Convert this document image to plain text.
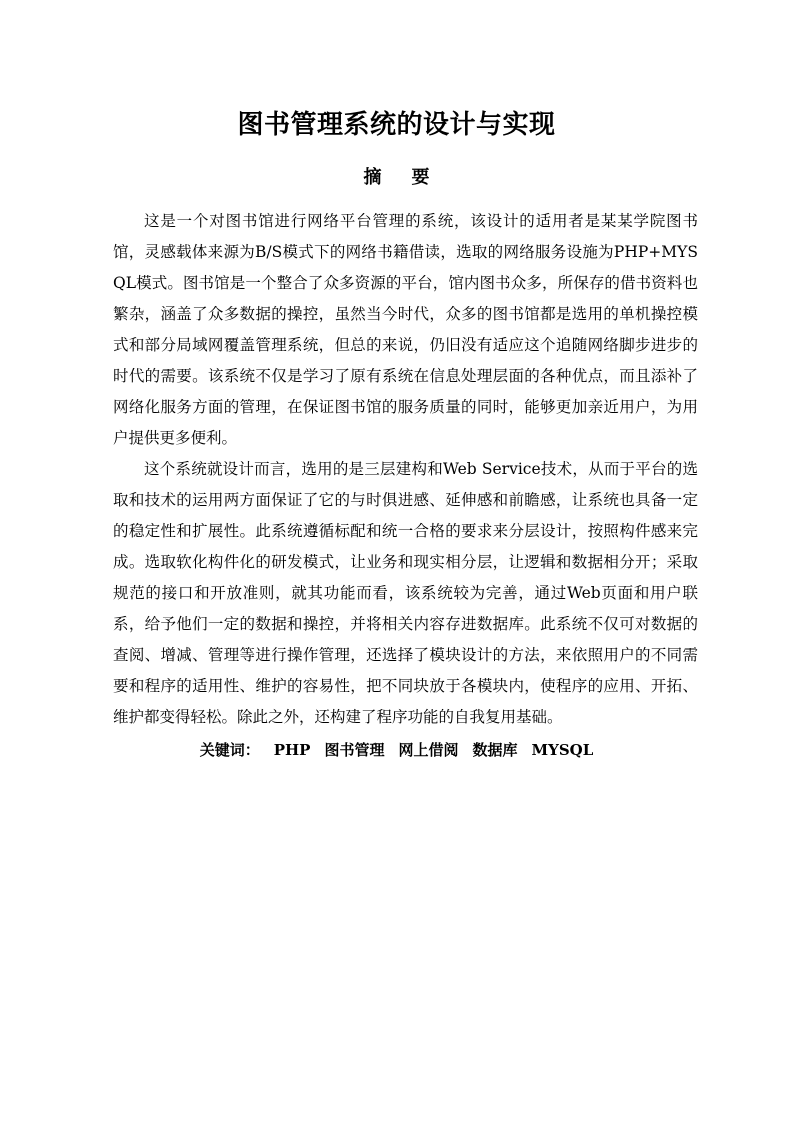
图书管理系统的设计与实现
摘要

这是一个对图书馆进行网络平台管理的系统，该设计的适用者是某某学院图书馆，灵感载体来源为B/S模式下的网络书籍借读，选取的网络服务设施为PHP+MYSQL模式。图书馆是一个整合了众多资源的平台，馆内图书众多，所保存的借书资料也繁杂，涵盖了众多数据的操控，虽然当今时代，众多的图书馆都是选用的单机操控模式和部分局域网覆盖管理系统，但总的来说，仍旧没有适应这个追随网络脚步进步的时代的需要。该系统不仅是学习了原有系统在信息处理层面的各种优点，而且添补了网络化服务方面的管理，在保证图书馆的服务质量的同时，能够更加亲近用户，为用户提供更多便利。

这个系统就设计而言，选用的是三层建构和Web Service技术，从而于平台的选取和技术的运用两方面保证了它的与时俱进感、延伸感和前瞻感，让系统也具备一定的稳定性和扩展性。此系统遵循标配和统一合格的要求来分层设计，按照构件感来完成。选取软化构件化的研发模式，让业务和现实相分层，让逻辑和数据相分开；采取规范的接口和开放准则，就其功能而看，该系统较为完善，通过Web页面和用户联系，给予他们一定的数据和操控，并将相关内容存进数据库。此系统不仅可对数据的查阅、增减、管理等进行操作管理，还选择了模块设计的方法，来依照用户的不同需要和程序的适用性、维护的容易性，把不同块放于各模块内，使程序的应用、开拓、维护都变得轻松。除此之外，还构建了程序功能的自我复用基础。

关键词： PHP 图书管理 网上借阅 数据库 MYSQL
